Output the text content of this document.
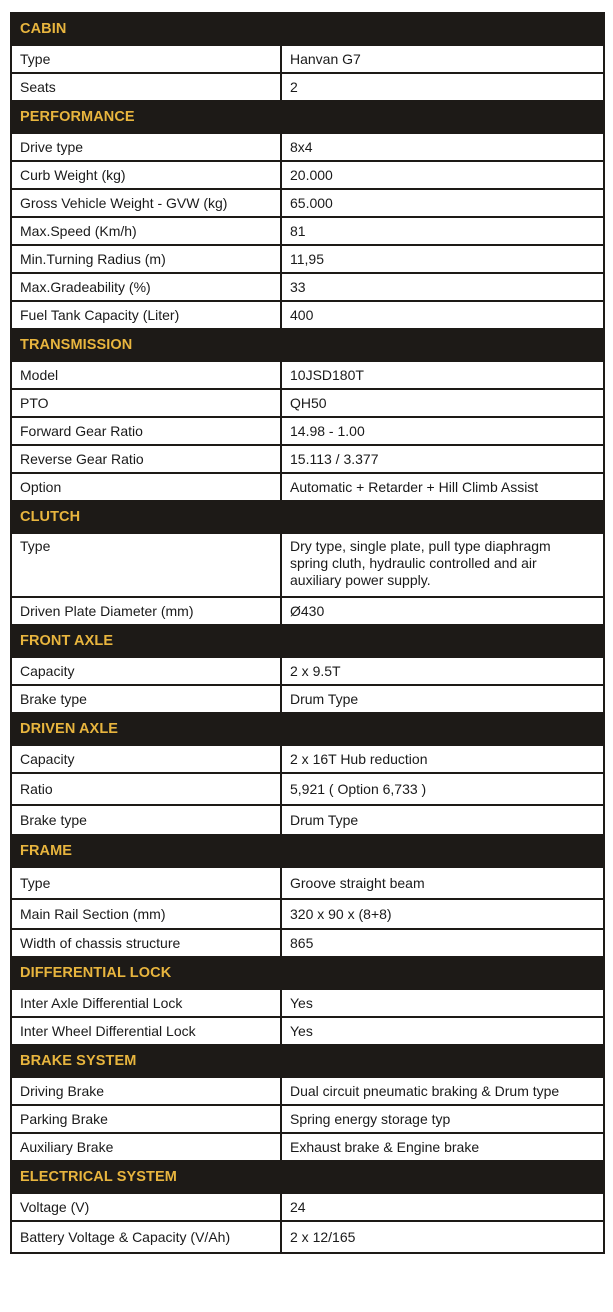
CABIN	
Type	Hanvan G7
Seats	2
PERFORMANCE	
Drive type	8x4
Curb Weight (kg)	20.000
Gross Vehicle Weight - GVW (kg)	65.000
Max.Speed (Km/h)	81
Min.Turning Radius (m)	11,95
Max.Gradeability (%)	33
Fuel Tank Capacity (Liter)	400
TRANSMISSION	
Model	10JSD180T
PTO	QH50
Forward Gear Ratio	14.98 - 1.00
Reverse Gear Ratio	15.113 / 3.377
Option	Automatic + Retarder + Hill Climb Assist
CLUTCH	
Type	Dry type, single plate, pull type diaphragm spring cluth, hydraulic controlled and air auxiliary power supply.
Driven Plate Diameter (mm)	Ø430
FRONT AXLE	
Capacity	2 x 9.5T
Brake type	Drum Type
DRIVEN AXLE	
Capacity	2 x 16T Hub reduction
Ratio	5,921 ( Option 6,733 )
Brake type	Drum Type
FRAME	
Type	Groove straight beam
Main Rail Section (mm)	320 x 90 x (8+8)
Width of chassis structure	865
DIFFERENTIAL LOCK	
Inter Axle Differential Lock	Yes
Inter Wheel Differential Lock	Yes
BRAKE SYSTEM	
Driving Brake	Dual circuit pneumatic braking & Drum type
Parking Brake	Spring energy storage typ
Auxiliary Brake	Exhaust brake & Engine brake
ELECTRICAL SYSTEM	
Voltage (V)	24
Battery Voltage & Capacity (V/Ah)	2 x 12/165
